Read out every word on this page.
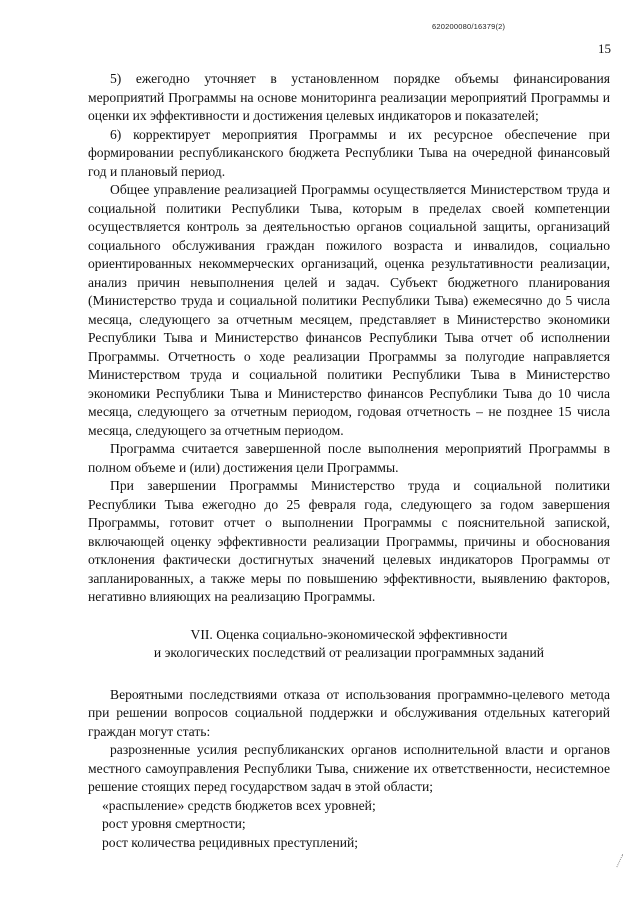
620200080/16379(2)
15

5) ежегодно уточняет в установленном порядке объемы финансирования мероприятий Программы на основе мониторинга реализации мероприятий Программы и оценки их эффективности и достижения целевых индикаторов и показателей;

6) корректирует мероприятия Программы и их ресурсное обеспечение при формировании республиканского бюджета Республики Тыва на очередной финансовый год и плановый период.

Общее управление реализацией Программы осуществляется Министерством труда и социальной политики Республики Тыва, которым в пределах своей компетенции осуществляется контроль за деятельностью органов социальной защиты, организаций социального обслуживания граждан пожилого возраста и инвалидов, социально ориентированных некоммерческих организаций, оценка результативности реализации, анализ причин невыполнения целей и задач. Субъект бюджетного планирования (Министерство труда и социальной политики Республики Тыва) ежемесячно до 5 числа месяца, следующего за отчетным месяцем, представляет в Министерство экономики Республики Тыва и Министерство финансов Республики Тыва отчет об исполнении Программы. Отчетность о ходе реализации Программы за полугодие направляется Министерством труда и социальной политики Республики Тыва в Министерство экономики Республики Тыва и Министерство финансов Республики Тыва до 10 числа месяца, следующего за отчетным периодом, годовая отчетность – не позднее 15 числа месяца, следующего за отчетным периодом.

Программа считается завершенной после выполнения мероприятий Программы в полном объеме и (или) достижения цели Программы.

При завершении Программы Министерство труда и социальной политики Республики Тыва ежегодно до 25 февраля года, следующего за годом завершения Программы, готовит отчет о выполнении Программы с пояснительной запиской, включающей оценку эффективности реализации Программы, причины и обоснования отклонения фактически достигнутых значений целевых индикаторов Программы от запланированных, а также меры по повышению эффективности, выявлению факторов, негативно влияющих на реализацию Программы.

VII. Оценка социально-экономической эффективности
и экологических последствий от реализации программных заданий

Вероятными последствиями отказа от использования программно-целевого метода при решении вопросов социальной поддержки и обслуживания отдельных категорий граждан могут стать:

разрозненные усилия республиканских органов исполнительной власти и органов местного самоуправления Республики Тыва, снижение их ответственности, несистемное решение стоящих перед государством задач в этой области;

«распыление» средств бюджетов всех уровней;

рост уровня смертности;

рост количества рецидивных преступлений;
